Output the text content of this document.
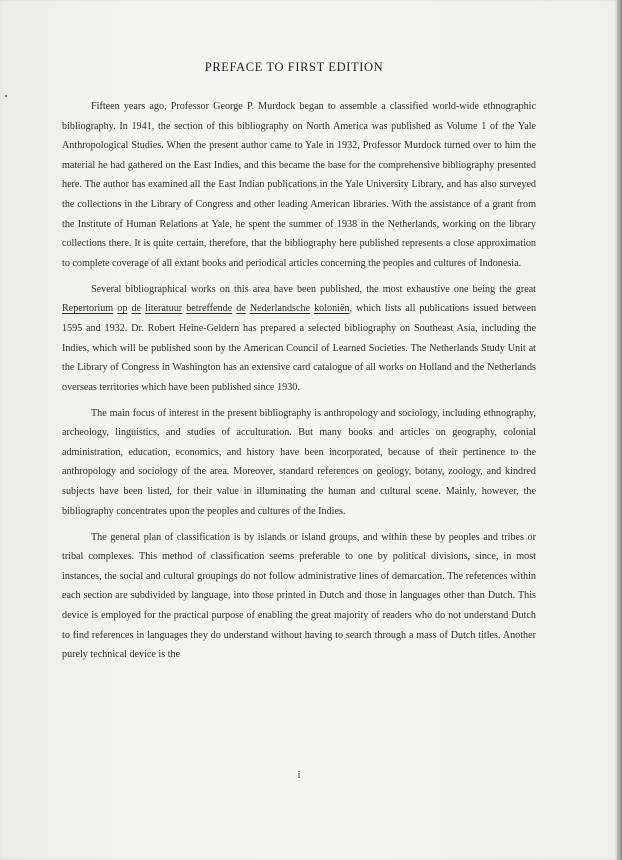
PREFACE TO FIRST EDITION

Fifteen years ago, Professor George P. Murdock began to assemble a classified world-wide ethnographic bibliography. In 1941, the section of this bibliography on North America was published as Volume 1 of the Yale Anthropological Studies. When the present author came to Yale in 1932, Professor Murdock turned over to him the material he had gathered on the East Indies, and this became the base for the comprehensive bibliography presented here. The author has examined all the East Indian publications in the Yale University Library, and has also surveyed the collections in the Library of Congress and other leading American libraries. With the assistance of a grant from the Institute of Human Relations at Yale, he spent the summer of 1938 in the Netherlands, working on the library collections there. It is quite certain, therefore, that the bibliography here published represents a close approximation to complete coverage of all extant books and periodical articles concerning the peoples and cultures of Indonesia.

Several bibliographical works on this area have been published, the most exhaustive one being the great Repertorium op de literatuur betreffende de Nederlandsche koloniën, which lists all publications issued between 1595 and 1932. Dr. Robert Heine-Geldern has prepared a selected bibliography on Southeast Asia, including the Indies, which will be published soon by the American Council of Learned Societies. The Netherlands Study Unit at the Library of Congress in Washington has an extensive card catalogue of all works on Holland and the Netherlands overseas territories which have been published since 1930.

The main focus of interest in the present bibliography is anthropology and sociology, including ethnography, archeology, linguistics, and studies of acculturation. But many books and articles on geography, colonial administration, education, economics, and history have been incorporated, because of their pertinence to the anthropology and sociology of the area. Moreover, standard references on geology, botany, zoology, and kindred subjects have been listed, for their value in illuminating the human and cultural scene. Mainly, however, the bibliography concentrates upon the peoples and cultures of the Indies.

The general plan of classification is by islands or island groups, and within these by peoples and tribes or tribal complexes. This method of classification seems preferable to one by political divisions, since, in most instances, the social and cultural groupings do not follow administrative lines of demarcation. The references within each section are subdivided by language, into those printed in Dutch and those in languages other than Dutch. This device is employed for the practical purpose of enabling the great majority of readers who do not understand Dutch to find references in languages they do understand without having to search through a mass of Dutch titles. Another purely technical device is the

i
